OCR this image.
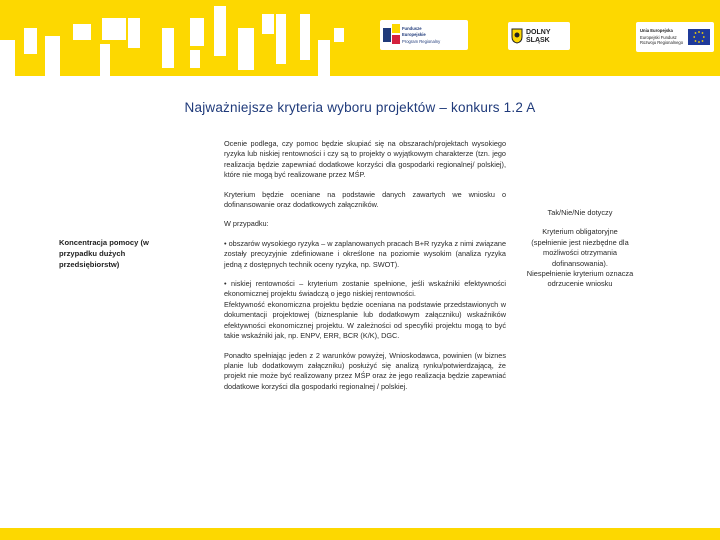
Fundusze
Europejskie
Program Regionalny
DOLNY
ŚLĄSK
Unia Europejska
Europejski Fundusz
Rozwoju Regionalnego
Najważniejsze kryteria wyboru projektów – konkurs 1.2 A
Koncentracja pomocy (w przypadku dużych przedsiębiorstw)

Ocenie podlega, czy pomoc będzie skupiać się na obszarach/projektach wysokiego ryzyka lub niskiej rentowności i czy są to projekty o wyjątkowym charakterze (tzn. jego realizacja będzie zapewniać dodatkowe korzyści dla gospodarki regionalnej/ polskiej), które nie mogą być realizowane przez MŚP.

Kryterium będzie oceniane na podstawie danych zawartych we wniosku o dofinansowanie oraz dodatkowych załączników.

W przypadku:

• obszarów wysokiego ryzyka – w zaplanowanych pracach B+R ryzyka z nimi związane zostały precyzyjnie zdefiniowane i określone na poziomie wysokim (analiza ryzyka jedną z dostępnych technik oceny ryzyka, np. SWOT).

• niskiej rentowności – kryterium zostanie spełnione, jeśli wskaźniki efektywności ekonomicznej projektu świadczą o jego niskiej rentowności.

Efektywność ekonomiczna projektu będzie oceniana na podstawie przedstawionych w dokumentacji projektowej (biznesplanie lub dodatkowym załączniku) wskaźników efektywności ekonomicznej projektu. W zależności od specyfiki projektu mogą to być takie wskaźniki jak, np. ENPV, ERR, BCR (K/K), DGC.

Ponadto spełniając jeden z 2 warunków powyżej, Wnioskodawca, powinien (w biznes planie lub dodatkowym załączniku) posłużyć się analizą rynku/potwierdzającą, że projekt nie może być realizowany przez MŚP oraz że jego realizacja będzie zapewniać dodatkowe korzyści dla gospodarki regionalnej / polskiej.

Tak/Nie/Nie dotyczy

Kryterium obligatoryjne

(spełnienie jest niezbędne dla możliwości otrzymania dofinansowania).

Niespełnienie kryterium oznacza odrzucenie wniosku
